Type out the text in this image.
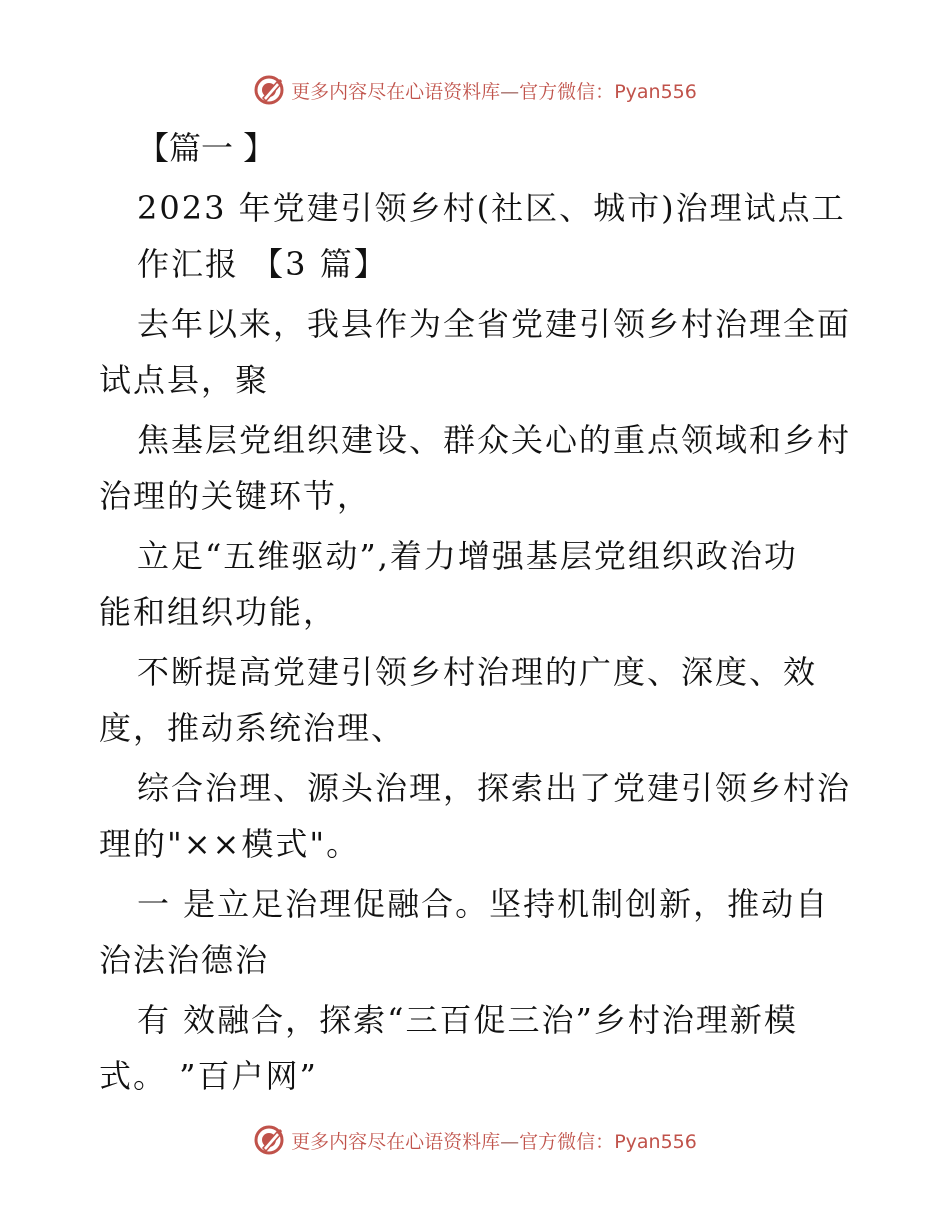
更多内容尽在心语资料库—官方微信：Pyan556
【篇一 】
2023 年党建引领乡村(社区、城市)治理试点工
作汇报 【3 篇】
去年以来，我县作为全省党建引领乡村治理全面
试点县，聚
焦基层党组织建设、群众关心的重点领域和乡村
治理的关键环节，
立足“五维驱动”,着力增强基层党组织政治功
能和组织功能，
不断提高党建引领乡村治理的广度、深度、效
度，推动系统治理、
综合治理、源头治理，探索出了党建引领乡村治
理的"××模式"。
一 是立足治理促融合。坚持机制创新，推动自
治法治德治
有 效融合，探索“三百促三治”乡村治理新模
式。 ”百户网”
更多内容尽在心语资料库—官方微信：Pyan556
